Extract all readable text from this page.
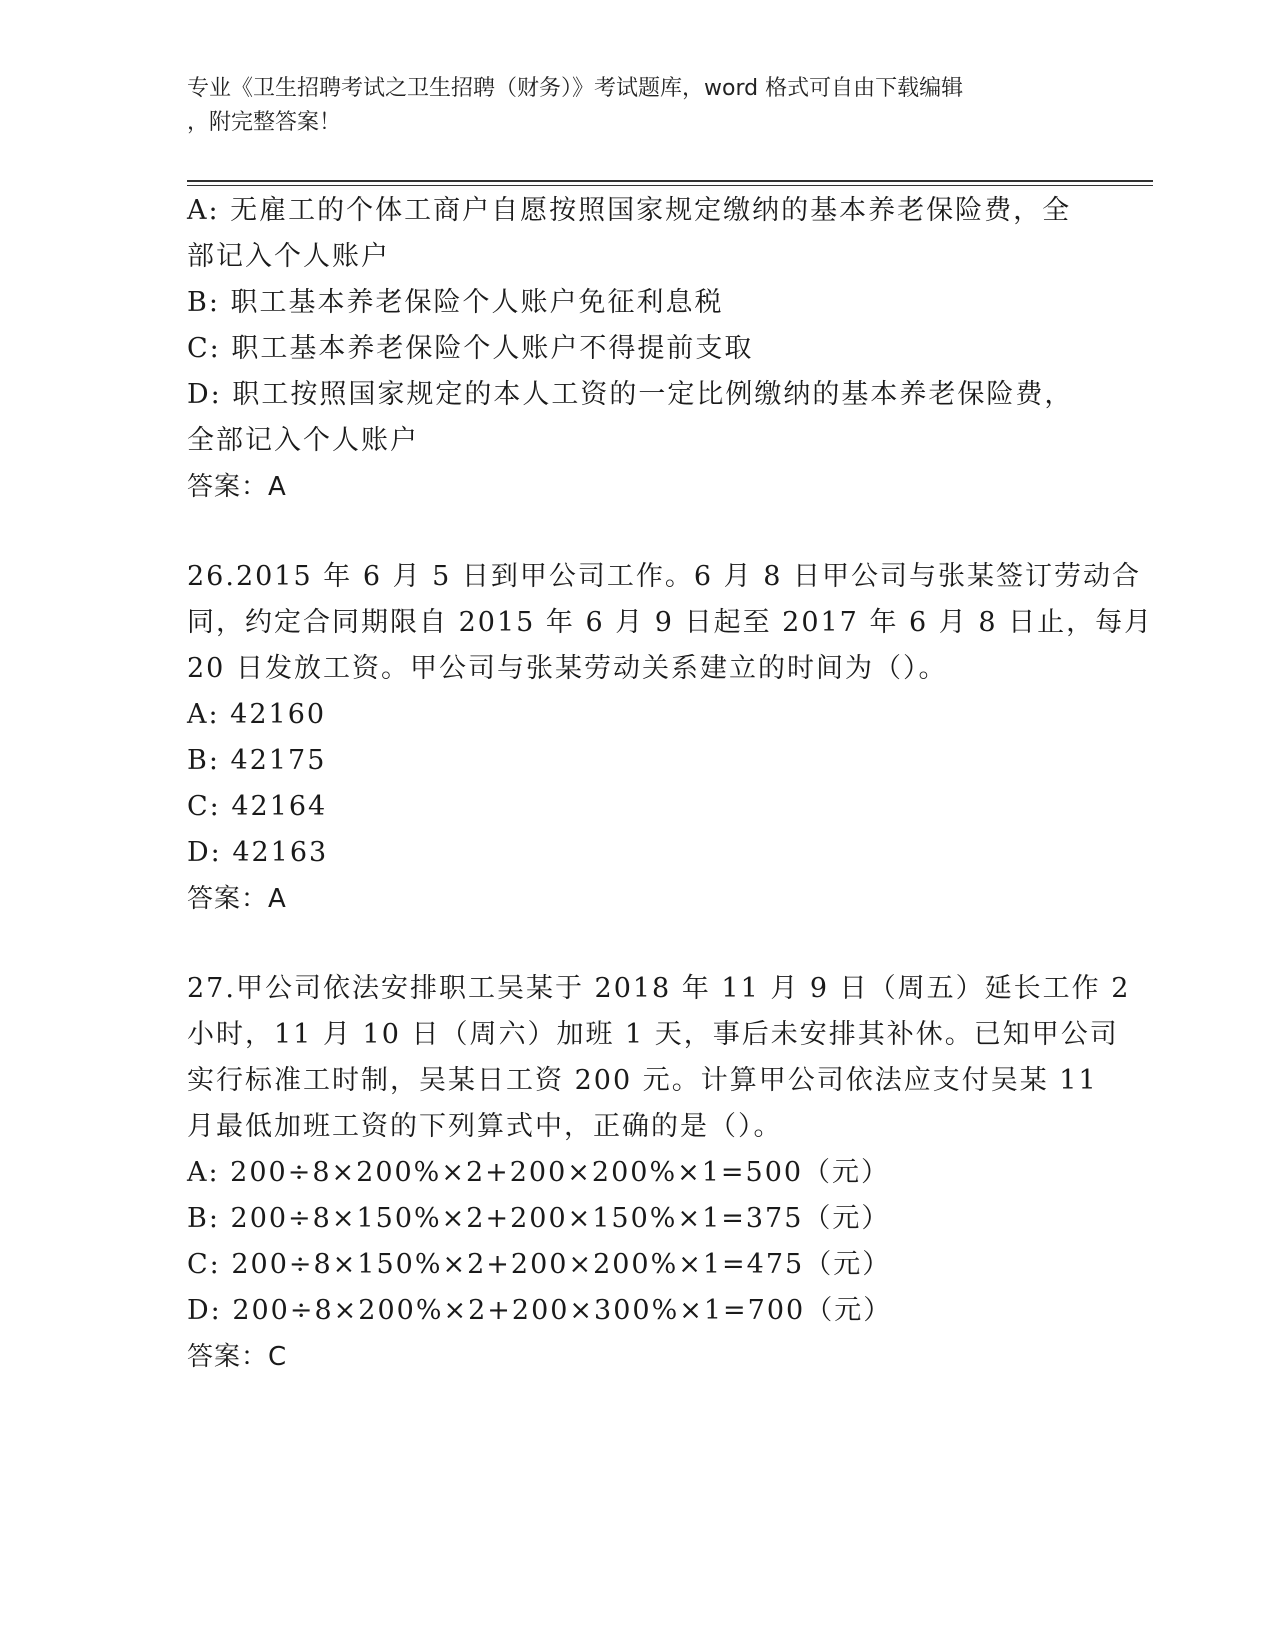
专业《卫生招聘考试之卫生招聘（财务）》考试题库，word 格式可自由下载编辑
，附完整答案！
A: 无雇工的个体工商户自愿按照国家规定缴纳的基本养老保险费，全
部记入个人账户
B: 职工基本养老保险个人账户免征利息税
C: 职工基本养老保险个人账户不得提前支取
D: 职工按照国家规定的本人工资的一定比例缴纳的基本养老保险费，
全部记入个人账户
答案：A
26.2015 年 6 月 5 日到甲公司工作。6 月 8 日甲公司与张某签订劳动合
同，约定合同期限自 2015 年 6 月 9 日起至 2017 年 6 月 8 日止，每月
20 日发放工资。甲公司与张某劳动关系建立的时间为（）。
A: 42160
B: 42175
C: 42164
D: 42163
答案：A
27.甲公司依法安排职工吴某于 2018 年 11 月 9 日（周五）延长工作 2
小时，11 月 10 日（周六）加班 1 天，事后未安排其补休。已知甲公司
实行标准工时制，吴某日工资 200 元。计算甲公司依法应支付吴某 11
月最低加班工资的下列算式中，正确的是（）。
A: 200÷8×200%×2+200×200%×1=500（元）
B: 200÷8×150%×2+200×150%×1=375（元）
C: 200÷8×150%×2+200×200%×1=475（元）
D: 200÷8×200%×2+200×300%×1=700（元）
答案：C
